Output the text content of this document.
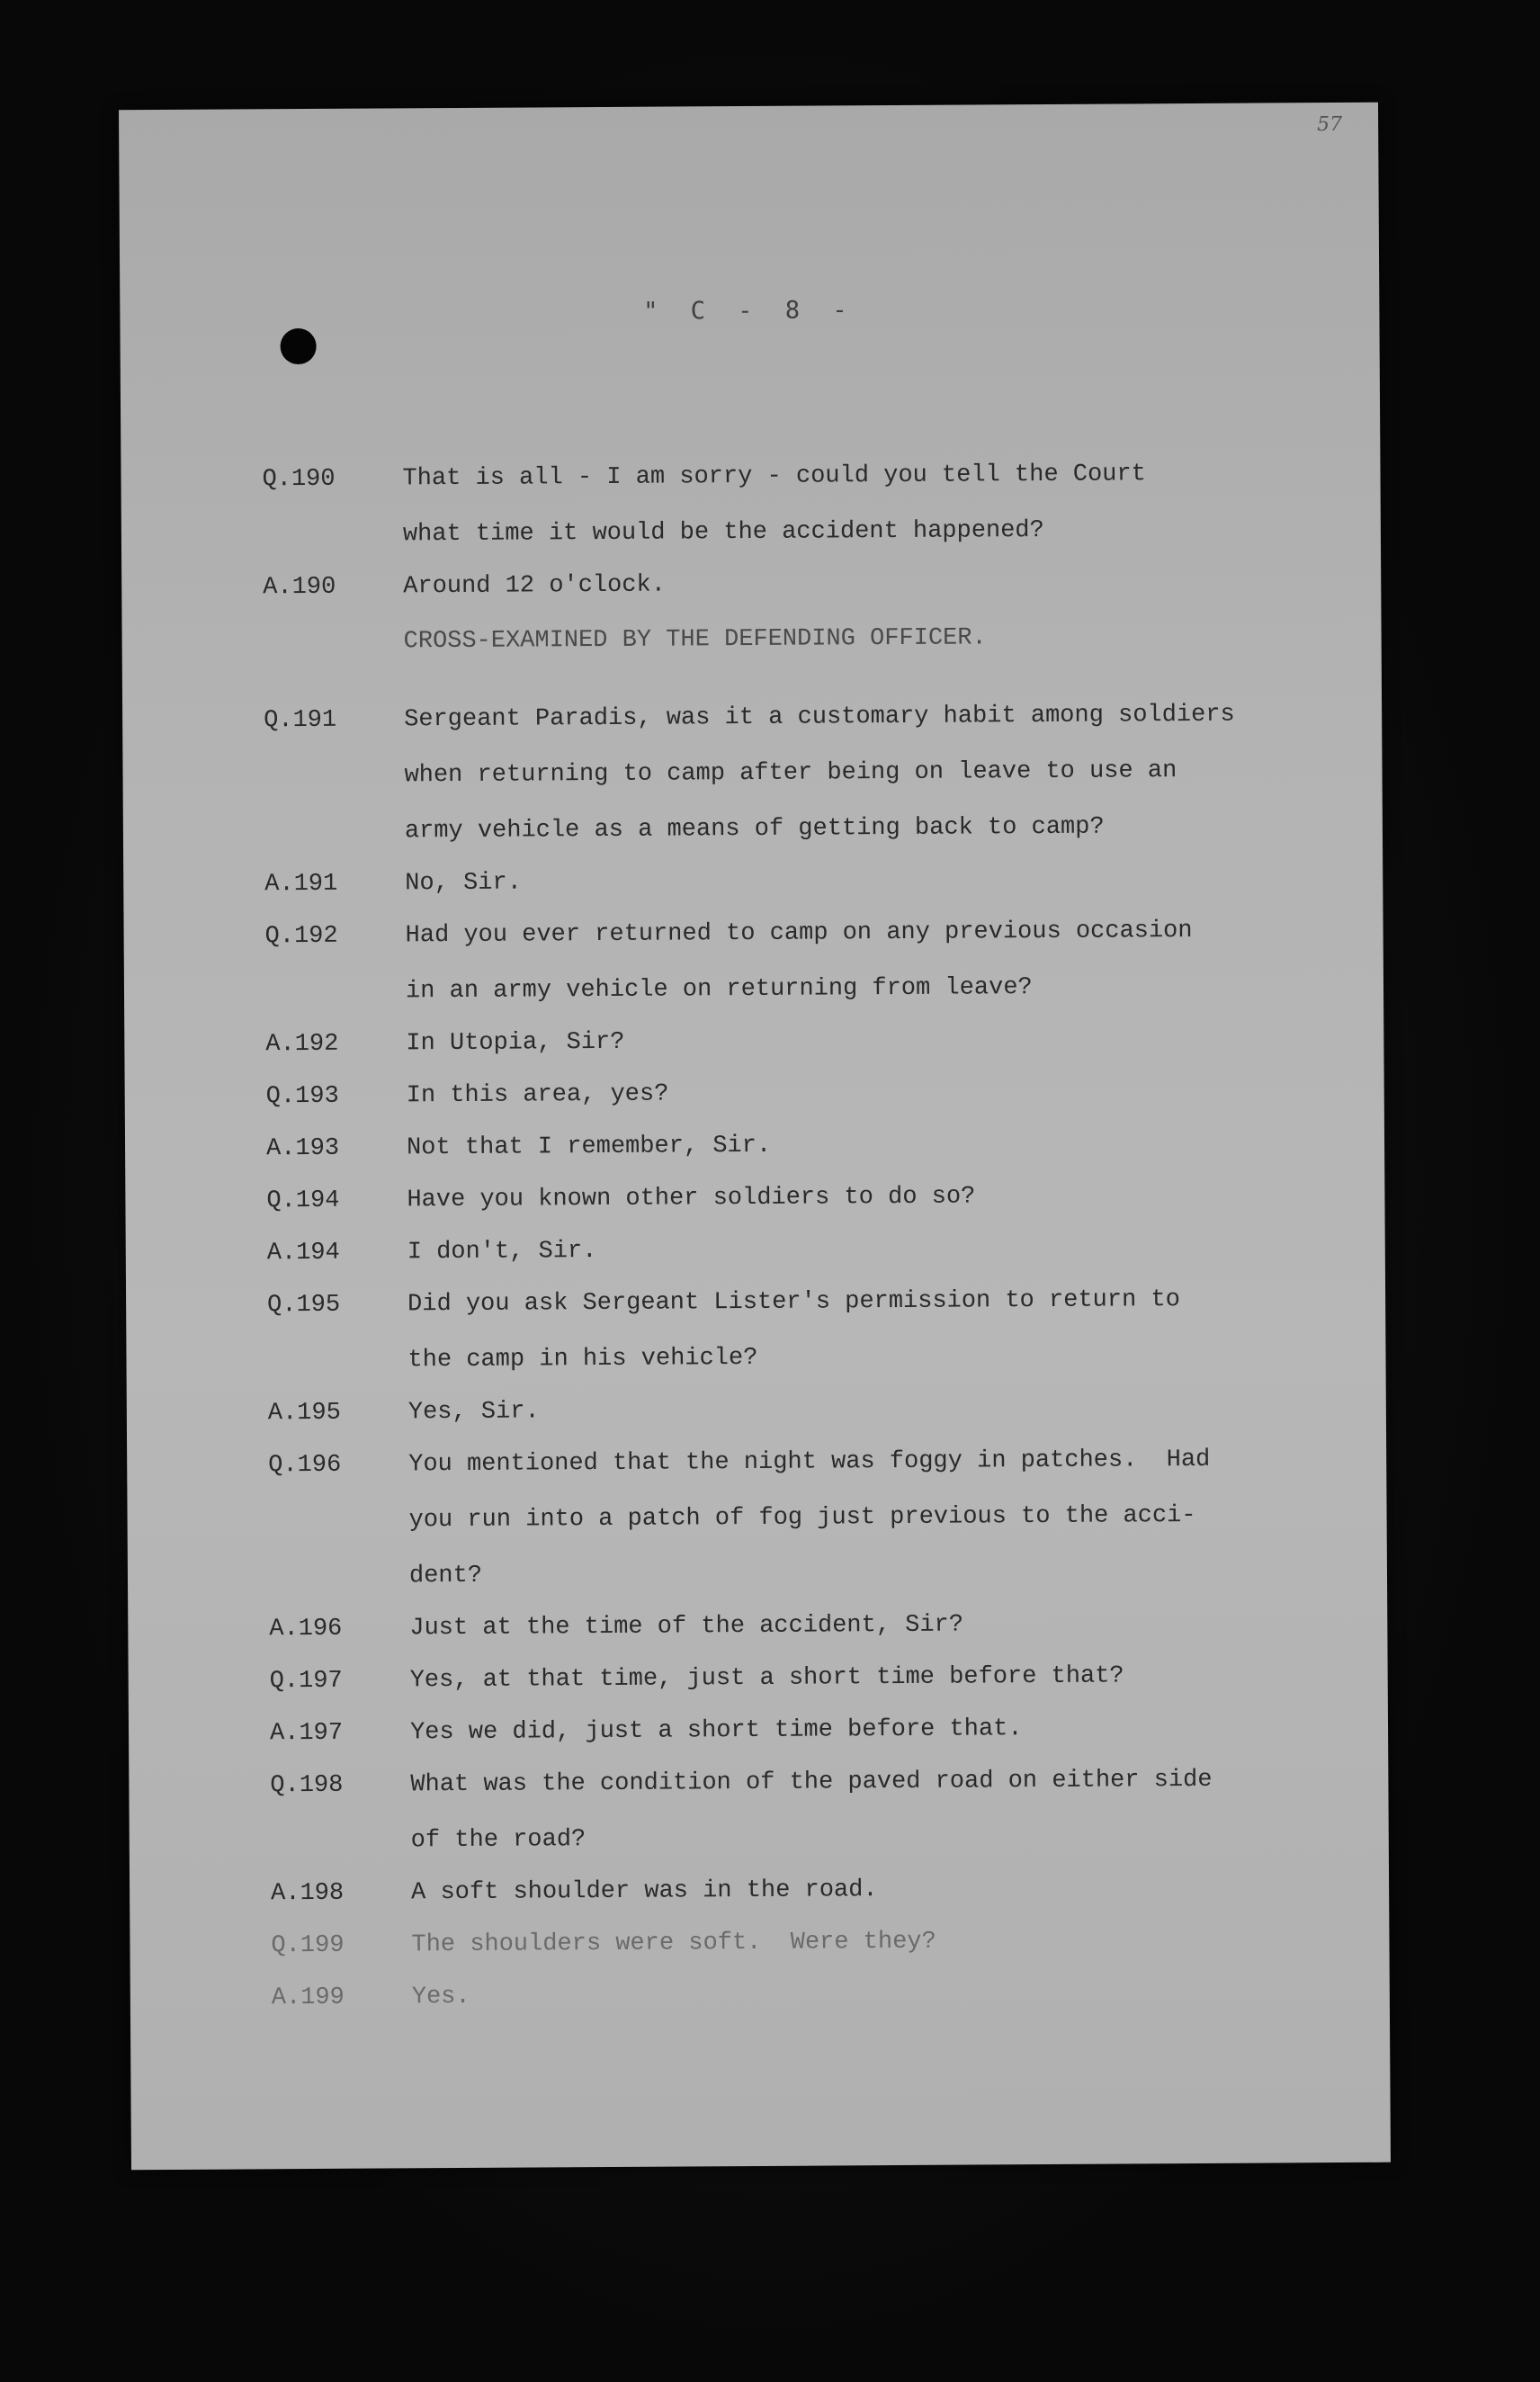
57
" C - 8 -
Q.190	That is all - I am sorry - could you tell the Court
what time it would be the accident happened?
A.190	Around 12 o'clock.
CROSS-EXAMINED BY THE DEFENDING OFFICER.
Q.191	Sergeant Paradis, was it a customary habit among soldiers
when returning to camp after being on leave to use an
army vehicle as a means of getting back to camp?
A.191	No, Sir.
Q.192	Had you ever returned to camp on any previous occasion
in an army vehicle on returning from leave?
A.192	In Utopia, Sir?
Q.193	In this area, yes?
A.193	Not that I remember, Sir.
Q.194	Have you known other soldiers to do so?
A.194	I don't, Sir.
Q.195	Did you ask Sergeant Lister's permission to return to
the camp in his vehicle?
A.195	Yes, Sir.
Q.196	You mentioned that the night was foggy in patches.  Had
you run into a patch of fog just previous to the acci-
dent?
A.196	Just at the time of the accident, Sir?
Q.197	Yes, at that time, just a short time before that?
A.197	Yes we did, just a short time before that.
Q.198	What was the condition of the paved road on either side
of the road?
A.198	A soft shoulder was in the road.
Q.199	The shoulders were soft.  Were they?
A.199	Yes.
